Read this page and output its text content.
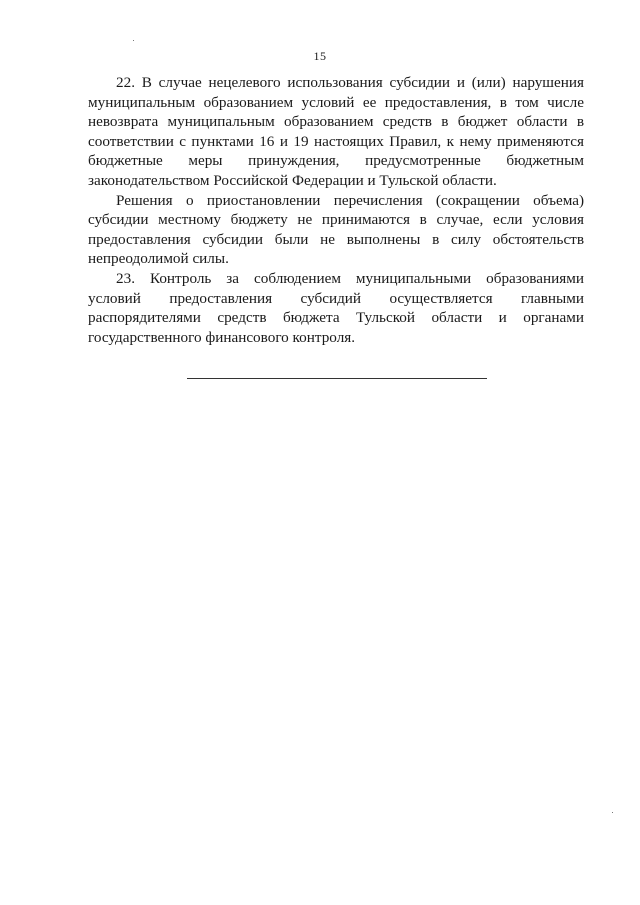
15

22. В случае нецелевого использования субсидии и (или) нарушения муниципальным образованием условий ее предоставления, в том числе невозврата муниципальным образованием средств в бюджет области в соответствии с пунктами 16 и 19 настоящих Правил, к нему применяются бюджетные меры принуждения, предусмотренные бюджетным законодательством Российской Федерации и Тульской области.

Решения о приостановлении перечисления (сокращении объема) субсидии местному бюджету не принимаются в случае, если условия предоставления субсидии были не выполнены в силу обстоятельств непреодолимой силы.

23. Контроль за соблюдением муниципальными образованиями условий предоставления субсидий осуществляется главными распорядителями средств бюджета Тульской области и органами государственного финансового контроля.
